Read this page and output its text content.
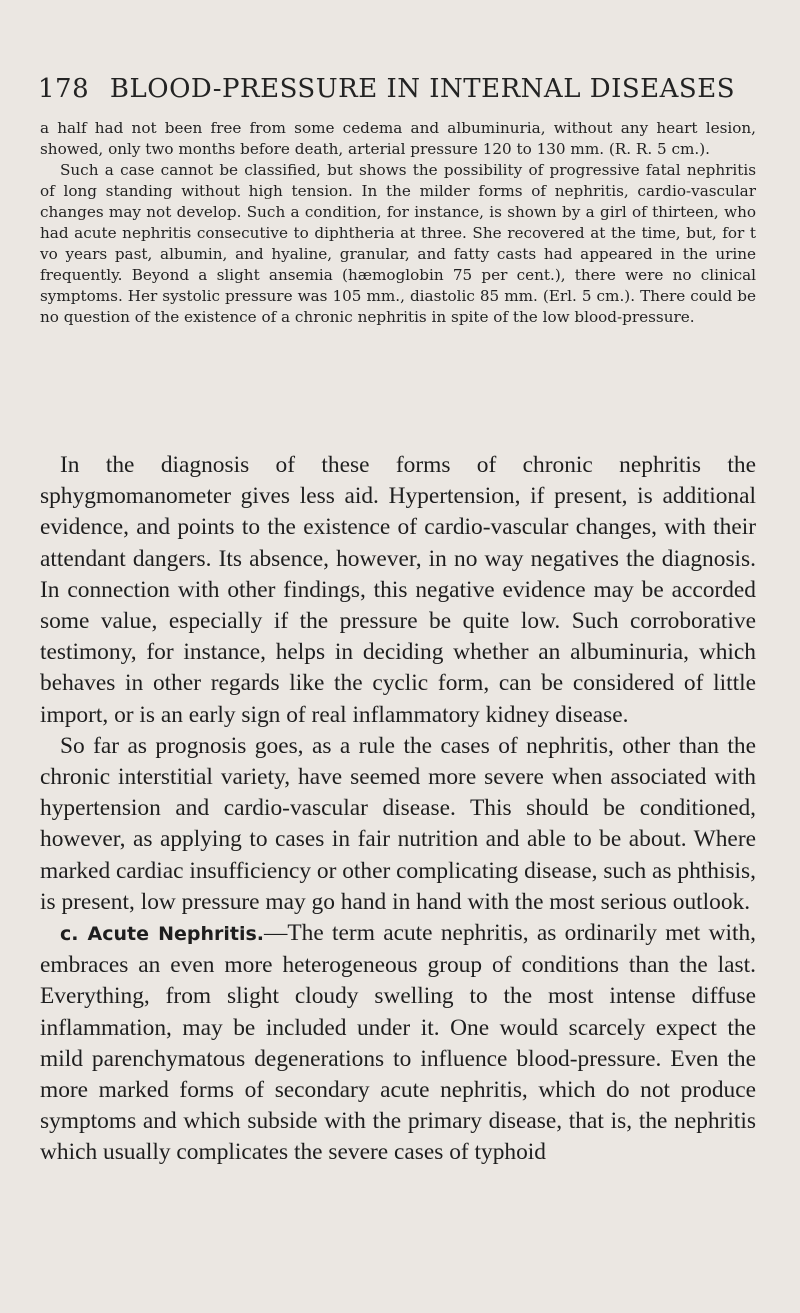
178 BLOOD-PRESSURE IN INTERNAL DISEASES

a half had not been free from some cedema and albuminuria, without any heart lesion, showed, only two months before death, arterial pressure 120 to 130 mm. (R. R. 5 cm.).

Such a case cannot be classified, but shows the possibility of progressive fatal nephritis of long standing without high tension. In the milder forms of nephritis, cardio-vascular changes may not develop. Such a condition, for instance, is shown by a girl of thirteen, who had acute nephritis consecutive to diphtheria at three. She recovered at the time, but, for t vo years past, albumin, and hyaline, granular, and fatty casts had appeared in the urine frequently. Beyond a slight ansemia (hæmoglobin 75 per cent.), there were no clinical symptoms. Her systolic pressure was 105 mm., diastolic 85 mm. (Erl. 5 cm.). There could be no question of the existence of a chronic nephritis in spite of the low blood-pressure.

In the diagnosis of these forms of chronic nephritis the sphygmomanometer gives less aid. Hypertension, if present, is additional evidence, and points to the existence of cardio-vascular changes, with their attendant dangers. Its absence, however, in no way negatives the diagnosis. In connection with other findings, this negative evidence may be accorded some value, especially if the pressure be quite low. Such corroborative testimony, for instance, helps in deciding whether an albuminuria, which behaves in other regards like the cyclic form, can be considered of little import, or is an early sign of real inflammatory kidney disease.

So far as prognosis goes, as a rule the cases of nephritis, other than the chronic interstitial variety, have seemed more severe when associated with hypertension and cardio-vascular disease. This should be conditioned, however, as applying to cases in fair nutrition and able to be about. Where marked cardiac insufficiency or other complicating disease, such as phthisis, is present, low pressure may go hand in hand with the most serious outlook.

c. Acute Nephritis.—The term acute nephritis, as ordinarily met with, embraces an even more heterogeneous group of conditions than the last. Everything, from slight cloudy swelling to the most intense diffuse inflammation, may be included under it. One would scarcely expect the mild parenchymatous degenerations to influence blood-pressure. Even the more marked forms of secondary acute nephritis, which do not produce symptoms and which subside with the primary disease, that is, the nephritis which usually complicates the severe cases of typhoid
